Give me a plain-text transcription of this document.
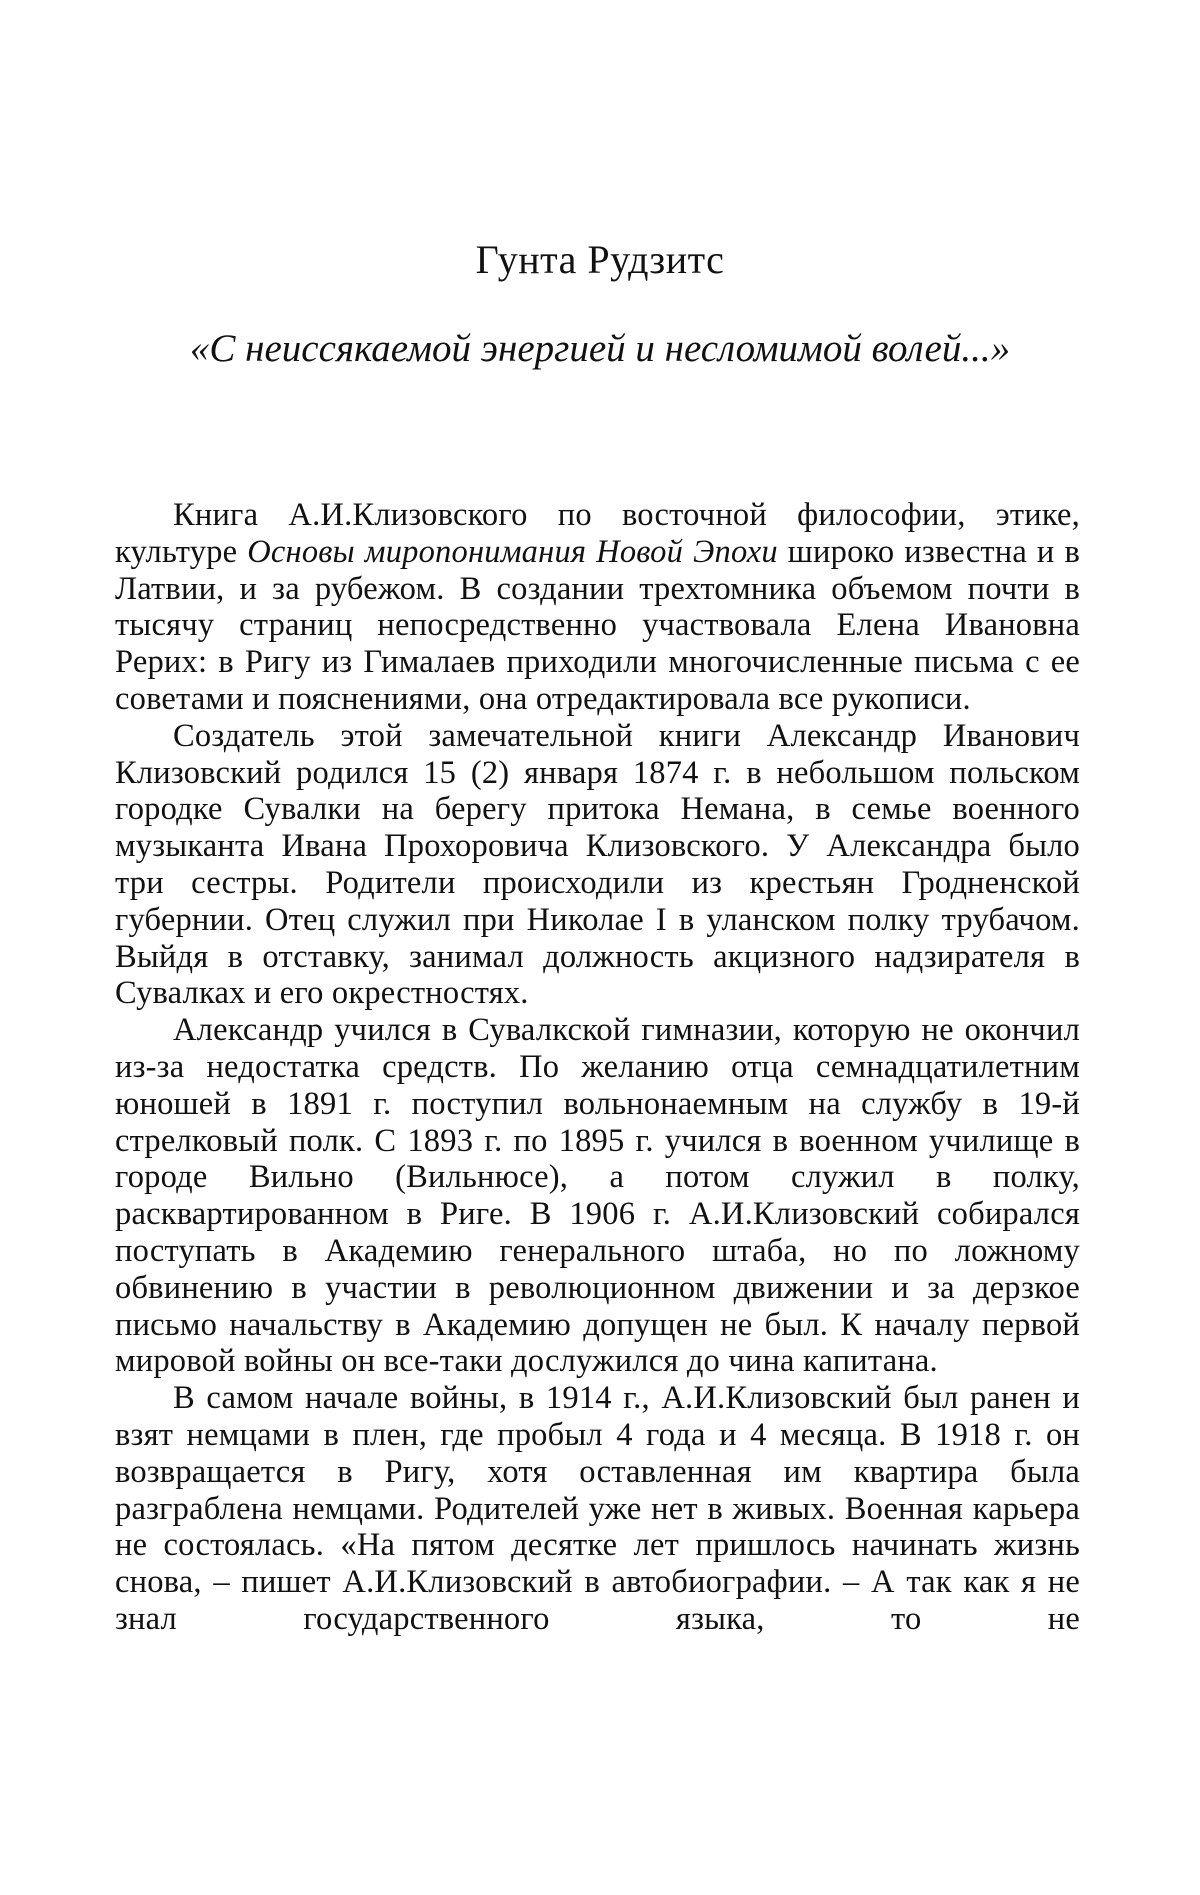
Гунта Рудзитс
«С неиссякаемой энергией и несломимой волей...»

Книга А.И.Клизовского по восточной философии, этике, культуре Основы миропонимания Новой Эпохи широко известна и в Латвии, и за рубежом. В создании трехтомника объемом почти в тысячу страниц непосредственно участвовала Елена Ивановна Рерих: в Ригу из Гималаев приходили многочисленные письма с ее советами и пояснениями, она отредактировала все рукописи.

Создатель этой замечательной книги Александр Иванович Клизовский родился 15 (2) января 1874 г. в небольшом польском городке Сувалки на берегу притока Немана, в семье военного музыканта Ивана Прохоровича Клизовского. У Александра было три сестры. Родители происходили из крестьян Гродненской губернии. Отец служил при Николае I в уланском полку трубачом. Выйдя в отставку, занимал должность акцизного надзирателя в Сувалках и его окрестностях.

Александр учился в Сувалкской гимназии, которую не окончил из-за недостатка средств. По желанию отца семнадцатилетним юношей в 1891 г. поступил вольнонаемным на службу в 19-й стрелковый полк. С 1893 г. по 1895 г. учился в военном училище в городе Вильно (Вильнюсе), а потом служил в полку, расквартированном в Риге. В 1906 г. А.И.Клизовский собирался поступать в Академию генерального штаба, но по ложному обвинению в участии в революционном движении и за дерзкое письмо начальству в Академию допущен не был. К началу первой мировой войны он все-таки дослужился до чина капитана.

В самом начале войны, в 1914 г., А.И.Клизовский был ранен и взят немцами в плен, где пробыл 4 года и 4 месяца. В 1918 г. он возвращается в Ригу, хотя оставленная им квартира была разграблена немцами. Родителей уже нет в живых. Военная карьера не состоялась. «На пятом десятке лет пришлось начинать жизнь снова, – пишет А.И.Клизовский в автобиографии. – А так как я не знал государственного языка, то не
